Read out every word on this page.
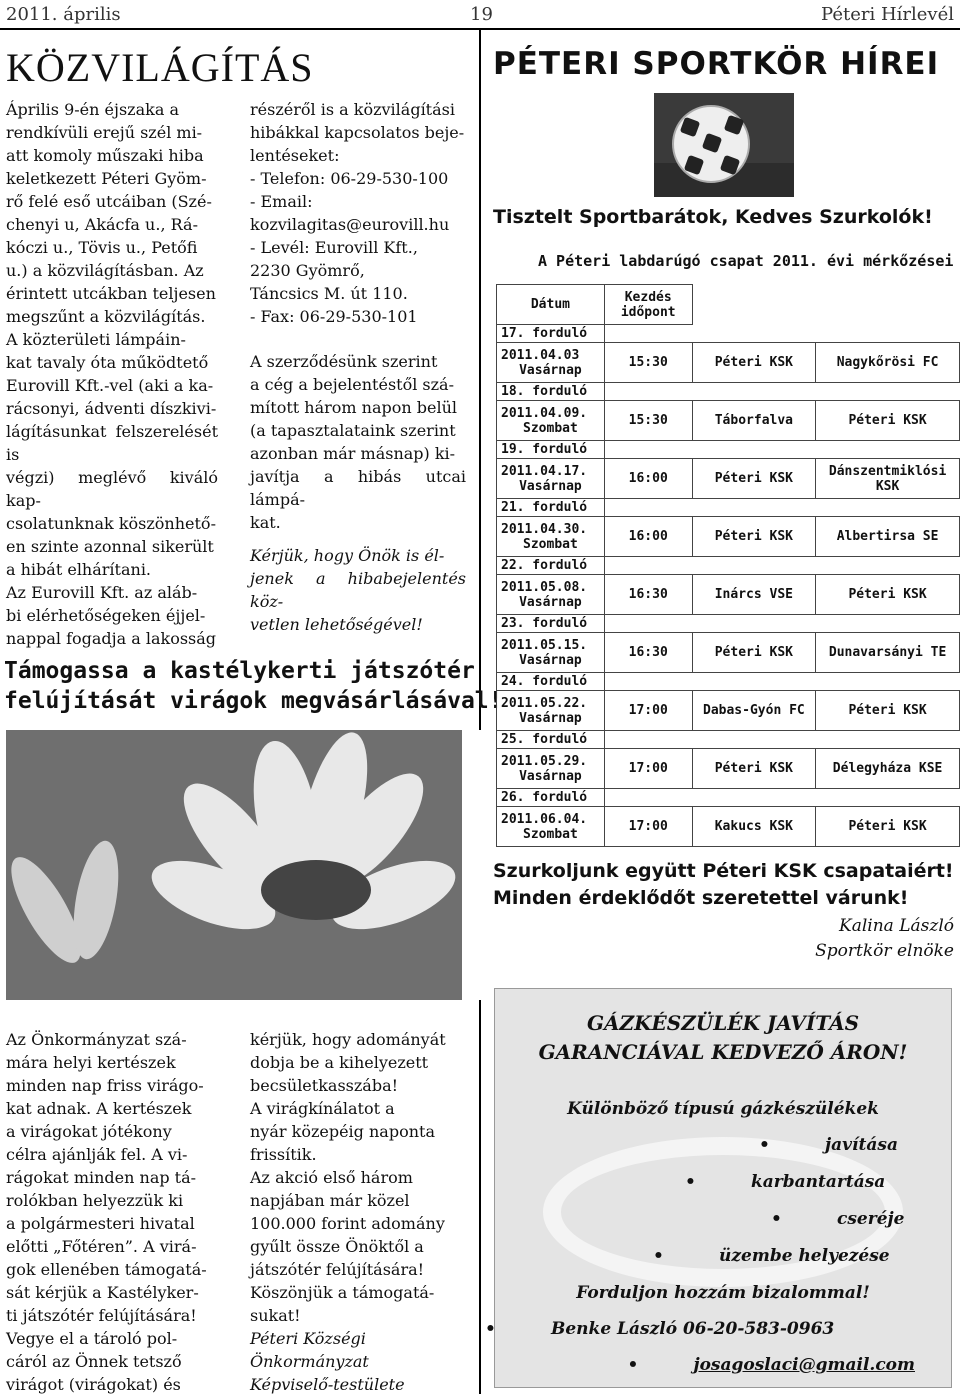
2011. április	19	Péteri Hírlevél
KÖZVILÁGÍTÁS

Április 9-én éjszaka a

rendkívüli erejű szél mi-

att komoly műszaki hiba

keletkezett Péteri Gyöm-

rő felé eső utcáiban (Szé-

chenyi u, Akácfa u., Rá-

kóczi u., Tövis u., Petőfi

u.) a közvilágításban. Az

érintett utcákban teljesen

megszűnt a közvilágítás.

A közterületi lámpáin-

kat tavaly óta működtető

Eurovill Kft.-vel (aki a ka-

rácsonyi, ádventi díszkivi-

lágításunkat felszerelését is

végzi) meglévő kiváló kap-

csolatunknak köszönhető-

en szinte azonnal sikerült

a hibát elhárítani.

Az Eurovill Kft. az aláb-

bi elérhetőségeken éjjel-

nappal fogadja a lakosság

részéről is a közvilágítási

hibákkal kapcsolatos beje-

lentéseket:

- Telefon: 06-29-530-100

- Email:

kozvilagitas@eurovill.hu

- Levél: Eurovill Kft.,

2230 Gyömrő,

Táncsics M. út 110.

- Fax: 06-29-530-101

A szerződésünk szerint

a cég a bejelentéstől szá-

mított három napon belül

(a tapasztalataink szerint

azonban már másnap) ki-

javítja a hibás utcai lámpá-

kat.

Kérjük, hogy Önök is él-

jenek a hibabejelentés köz-

vetlen lehetőségével!

Támogassa a kastélykerti játszótér
felújítását virágok megvásárlásával!

Az Önkormányzat szá-

mára helyi kertészek

minden nap friss virágo-

kat adnak. A kertészek

a virágokat jótékony

célra ajánlják fel. A vi-

rágokat minden nap tá-

rolókban helyezzük ki

a polgármesteri hivatal

előtti „Főtéren”. A virá-

gok ellenében támogatá-

sát kérjük a Kastélyker-

ti játszótér felújítására!

Vegye el a tároló pol-

cáról az Önnek tetsző

virágot (virágokat) és

kérjük, hogy adományát

dobja be a kihelyezett

becsületkasszába!

A virágkínálatot a

nyár közepéig naponta

frissítik.

Az akció első három

napjában már közel

100.000 forint adomány

gyűlt össze Önöktől a

játszótér felújítására!

Köszönjük a támogatá-

sukat!

Péteri Községi

Önkormányzat

Képviselő-testülete

PÉTERI SPORTKÖR HÍREI
Tisztelt Sportbarátok, Kedves Szurkolók!
A Péteri labdarúgó csapat 2011. évi mérkőzései
Dátum	Kezdés időpont		
17. forduló			

2011.04.03
Vasárnap	15:30	Péteri KSK	Nagykőrösi FC
18. forduló			

2011.04.09.
Szombat	15:30	Táborfalva	Péteri KSK
19. forduló			

2011.04.17.
Vasárnap	16:00	Péteri KSK	Dánszentmiklósi KSK
21. forduló			

2011.04.30.
Szombat	16:00	Péteri KSK	Albertirsa SE
22. forduló			

2011.05.08.
Vasárnap	16:30	Inárcs VSE	Péteri KSK
23. forduló			

2011.05.15.
Vasárnap	16:30	Péteri KSK	Dunavarsányi TE
24. forduló			

2011.05.22.
Vasárnap	17:00	Dabas-Gyón FC	Péteri KSK
25. forduló			

2011.05.29.
Vasárnap	17:00	Péteri KSK	Délegyháza KSE
26. forduló			

2011.06.04.
Szombat	17:00	Kakucs KSK	Péteri KSK
Szurkoljunk együtt Péteri KSK csapataiért!
Minden érdeklődőt szeretettel várunk!
Kalina László
Sportkör elnöke
GÁZKÉSZÜLÉK JAVÍTÁS
GARANCIÁVAL KEDVEZŐ ÁRON!
Különböző típusú gázkészülékek
• javítása
• karbantartása
• cseréje
• üzembe helyezése
Forduljon hozzám bizalommal!
• Benke László 06-20-583-0963
• josagoslaci@gmail.com
